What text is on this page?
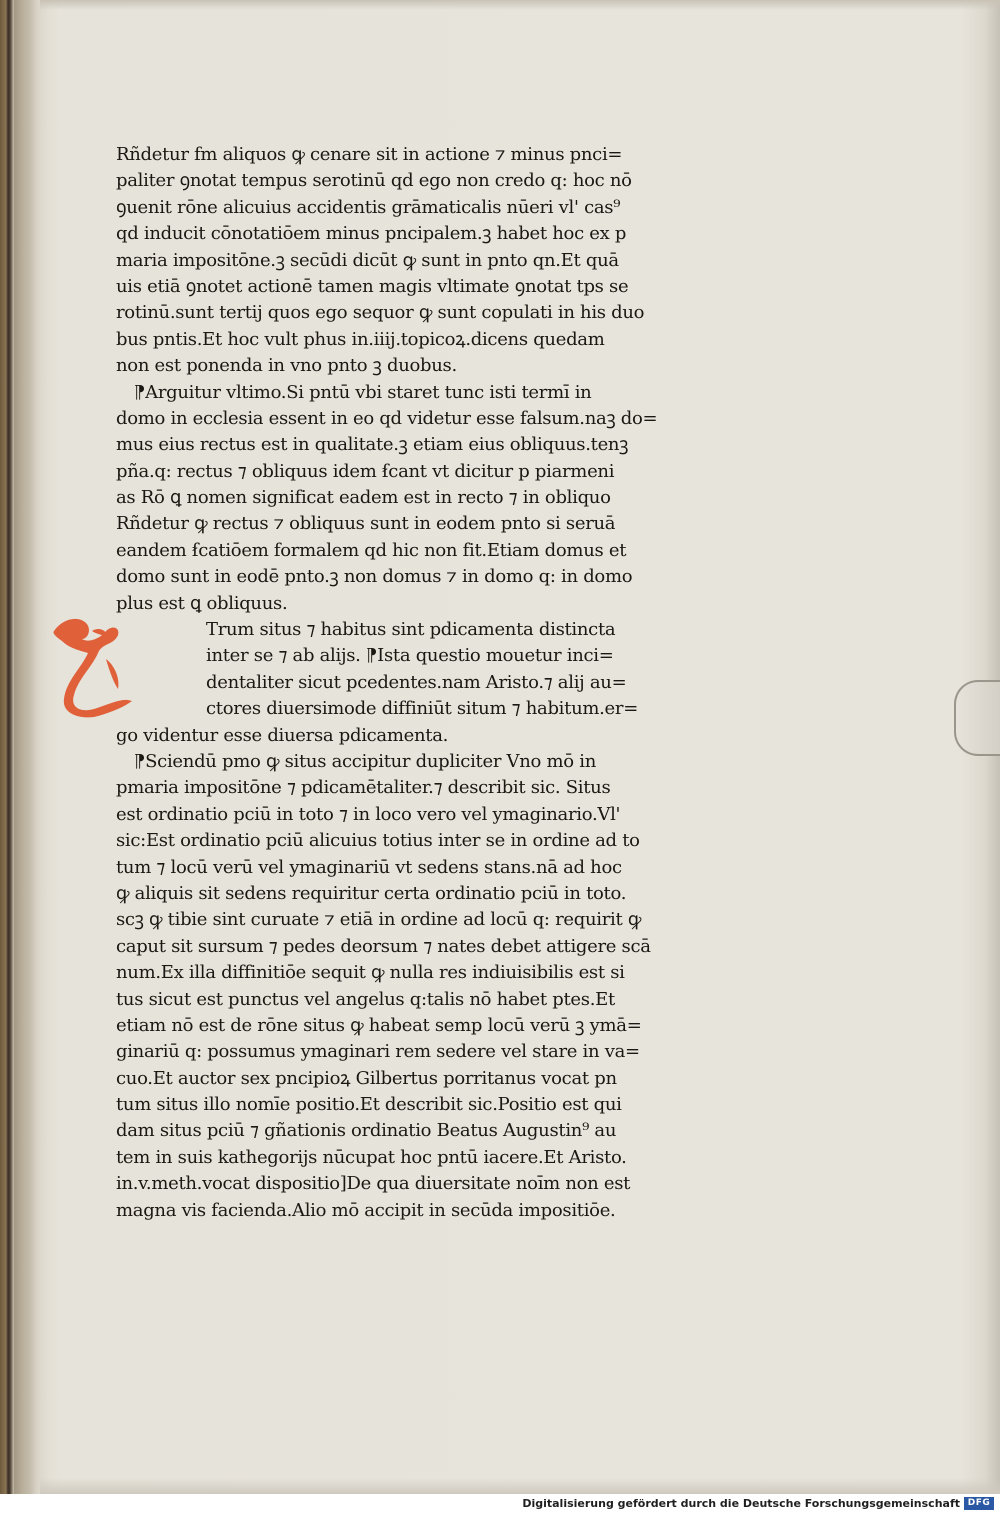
Rñdetur fm aliquos ꝙ cenare sit in actione ⁊ minus pnci=
paliter ꝯnotat tempus serotinū qd ego non credo q: hoc nō
ꝯuenit rōne alicuius accidentis grāmaticalis nūeri vl' cas⁹
qd inducit cōnotatiōem minus pncipalem.ꝫ habet hoc ex p
maria impositōne.ꝫ secūdi dicūt ꝙ sunt in pnto qn.Et quā
uis etiā ꝯnotet actionē tamen magis vltimate ꝯnotat tps se
rotinū.sunt tertij quos ego sequor ꝙ sunt copulati in his duo
bus pntis.Et hoc vult phus in.iiij.topicoꝝ.dicens quedam
non est ponenda in vno pnto ꝫ duobus.
⁋Arguitur vltimo.Si pntū vbi staret tunc isti termī in
domo in ecclesia essent in eo qd videtur esse falsum.naꝫ do=
mus eius rectus est in qualitate.ꝫ etiam eius obliquus.tenꝫ
pña.q: rectus ⁊ obliquus idem ẜcant vt dicitur p piarmeni
as Rō ꝗ nomen significat eadem est in recto ⁊ in obliquo
Rñdetur ꝙ rectus ⁊ obliquus sunt in eodem pnto si seruā
eandem ẜcatiōem formalem qd hic non fit.Etiam domus et
domo sunt in eodē pnto.ꝫ non domus ⁊ in domo q: in domo
plus est ꝗ obliquus.
Trum situs ⁊ habitus sint pdicamenta distincta
inter se ⁊ ab alijs. ⁋Ista questio mouetur inci=
dentaliter sicut pcedentes.nam Aristo.⁊ alij au=
ctores diuersimode diffiniūt situm ⁊ habitum.er=
go videntur esse diuersa pdicamenta.
⁋Sciendū pmo ꝙ situs accipitur dupliciter Vno mō in
pmaria impositōne ⁊ pdicamētaliter.⁊ describit sic. Situs
est ordinatio pciū in toto ⁊ in loco vero vel ymaginario.Vl'
sic:Est ordinatio pciū alicuius totius inter se in ordine ad to
tum ⁊ locū verū vel ymaginariū vt sedens stans.nā ad hoc
ꝙ aliquis sit sedens requiritur certa ordinatio pciū in toto.
scꝫ ꝙ tibie sint curuate ⁊ etiā in ordine ad locū q: requirit ꝙ
caput sit sursum ⁊ pedes deorsum ⁊ nates debet attigere scā
num.Ex illa diffinitiōe sequit ꝙ nulla res indiuisibilis est si
tus sicut est punctus vel angelus q:talis nō habet ptes.Et
etiam nō est de rōne situs ꝙ habeat semp locū verū ꝫ ymā=
ginariū q: possumus ymaginari rem sedere vel stare in va=
cuo.Et auctor sex pncipioꝝ Gilbertus porritanus vocat pn
tum situs illo nomīe positio.Et describit sic.Positio est qui
dam situs pciū ⁊ gñationis ordinatio Beatus Augustin⁹ au
tem in suis kathegorijs nūcupat hoc pntū iacere.Et Aristo.
in.v.meth.vocat dispositio]De qua diuersitate noīm non est
magna vis facienda.Alio mō accipit in secūda impositiōe.
Digitalisierung gefördert durch die Deutsche Forschungsgemeinschaft DFG
